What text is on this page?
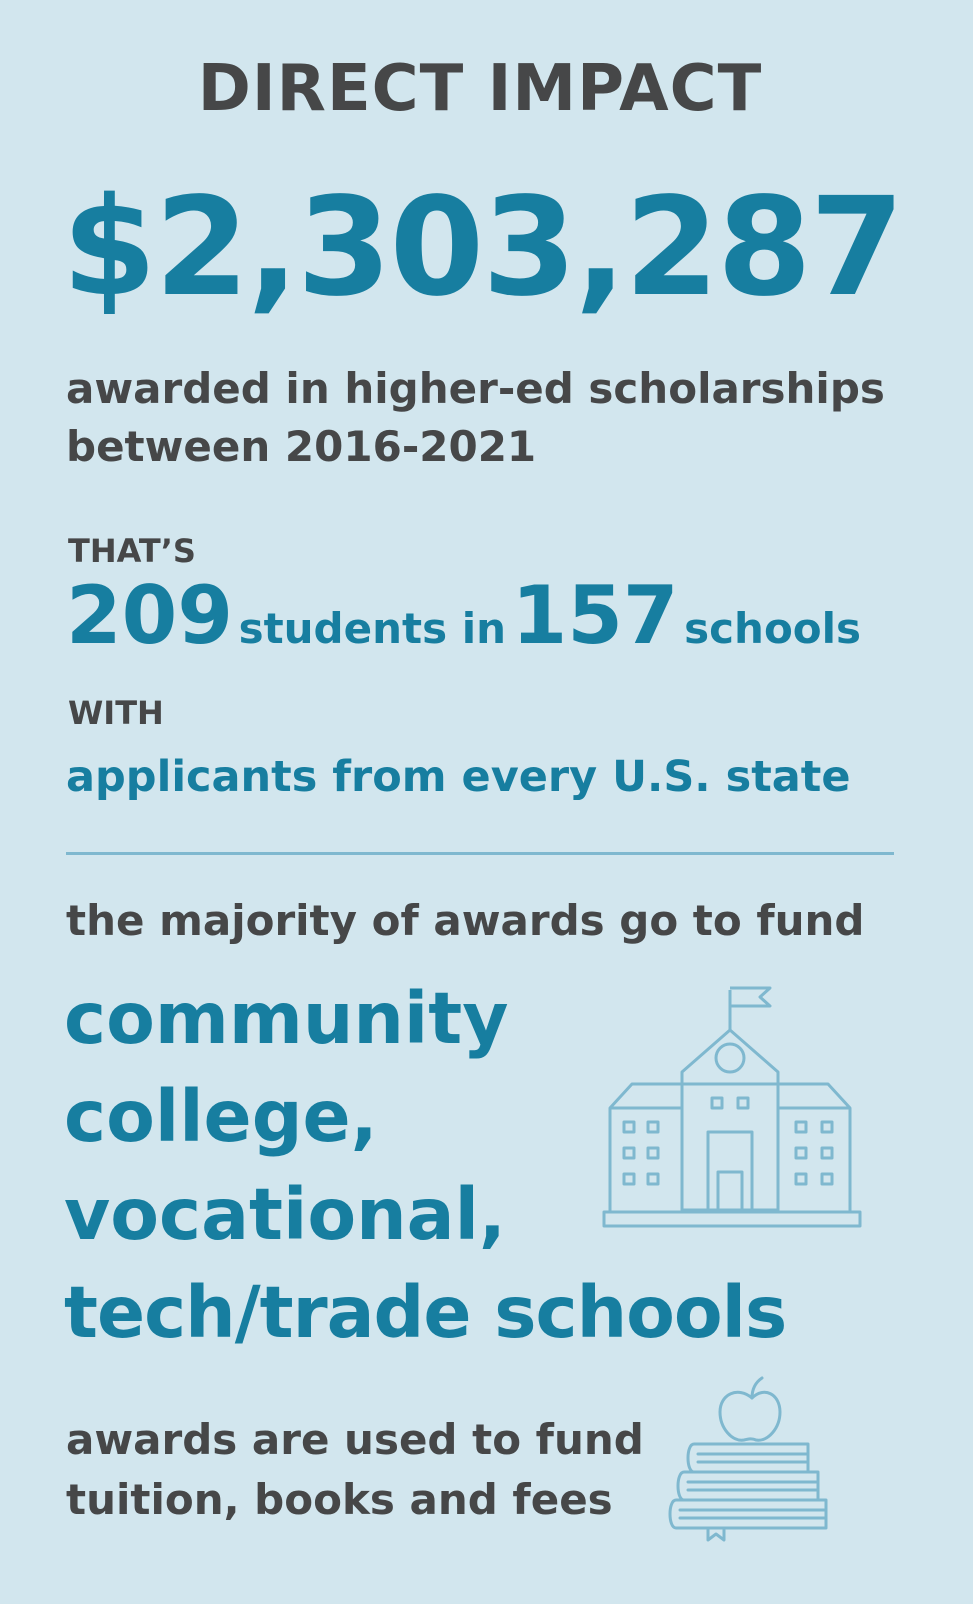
DIRECT IMPACT
$2,303,287
awarded in higher-ed scholarships between 2016-2021
THAT’S
209 students in 157 schools
WITH
applicants from every U.S. state
the majority of awards go to fund
community
college,
vocational,
tech/trade schools
awards are used to fund
tuition, books and fees
